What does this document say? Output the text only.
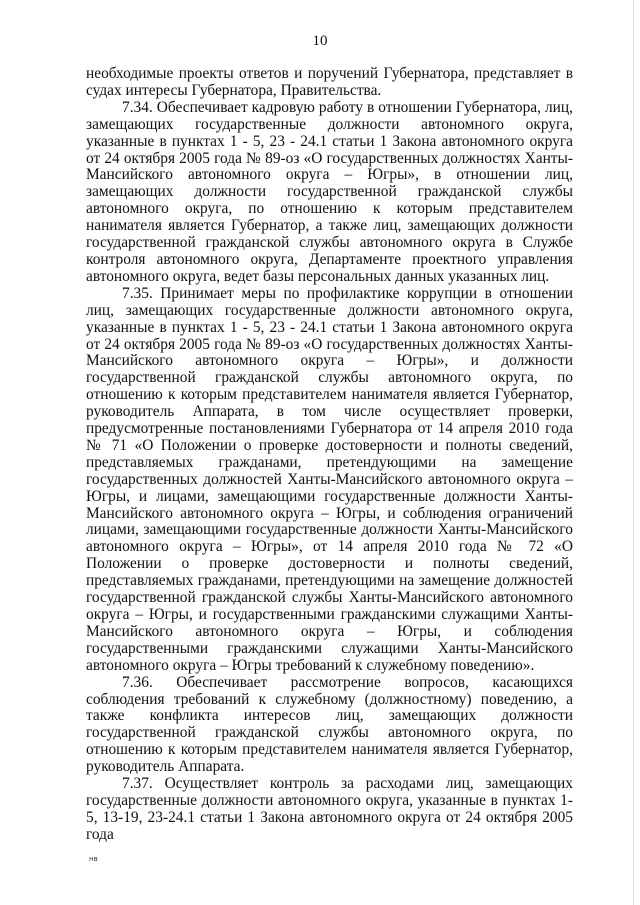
10

необходимые проекты ответов и поручений Губернатора, представляет в судах интересы Губернатора, Правительства.

7.34. Обеспечивает кадровую работу в отношении Губернатора, лиц, замещающих государственные должности автономного округа, указанные в пунктах 1 - 5, 23 - 24.1 статьи 1 Закона автономного округа от 24 октября 2005 года № 89-оз «О государственных должностях Ханты-Мансийского автономного округа – Югры», в отношении лиц, замещающих должности государственной гражданской службы автономного округа, по отношению к которым представителем нанимателя является Губернатор, а также лиц, замещающих должности государственной гражданской службы автономного округа в Службе контроля автономного округа, Департаменте проектного управления автономного округа, ведет базы персональных данных указанных лиц.

7.35. Принимает меры по профилактике коррупции в отношении лиц, замещающих государственные должности автономного округа, указанные в пунктах 1 - 5, 23 - 24.1 статьи 1 Закона автономного округа от 24 октября 2005 года № 89-оз «О государственных должностях Ханты-Мансийского автономного округа – Югры», и должности государственной гражданской службы автономного округа, по отношению к которым представителем нанимателя является Губернатор, руководитель Аппарата, в том числе осуществляет проверки, предусмотренные постановлениями Губернатора от 14 апреля 2010 года № 71 «О Положении о проверке достоверности и полноты сведений, представляемых гражданами, претендующими на замещение государственных должностей Ханты-Мансийского автономного округа – Югры, и лицами, замещающими государственные должности Ханты-Мансийского автономного округа – Югры, и соблюдения ограничений лицами, замещающими государственные должности Ханты-Мансийского автономного округа – Югры», от 14 апреля 2010 года № 72 «О Положении о проверке достоверности и полноты сведений, представляемых гражданами, претендующими на замещение должностей государственной гражданской службы Ханты-Мансийского автономного округа – Югры, и государственными гражданскими служащими Ханты-Мансийского автономного округа – Югры, и соблюдения государственными гражданскими служащими Ханты-Мансийского автономного округа – Югры требований к служебному поведению».

7.36. Обеспечивает рассмотрение вопросов, касающихся соблюдения требований к служебному (должностному) поведению, а также конфликта интересов лиц, замещающих должности государственной гражданской службы автономного округа, по отношению к которым представителем нанимателя является Губернатор, руководитель Аппарата.

7.37. Осуществляет контроль за расходами лиц, замещающих государственные должности автономного округа, указанные в пунктах 1-5, 13-19, 23-24.1 статьи 1 Закона автономного округа от 24 октября 2005 года

нв
